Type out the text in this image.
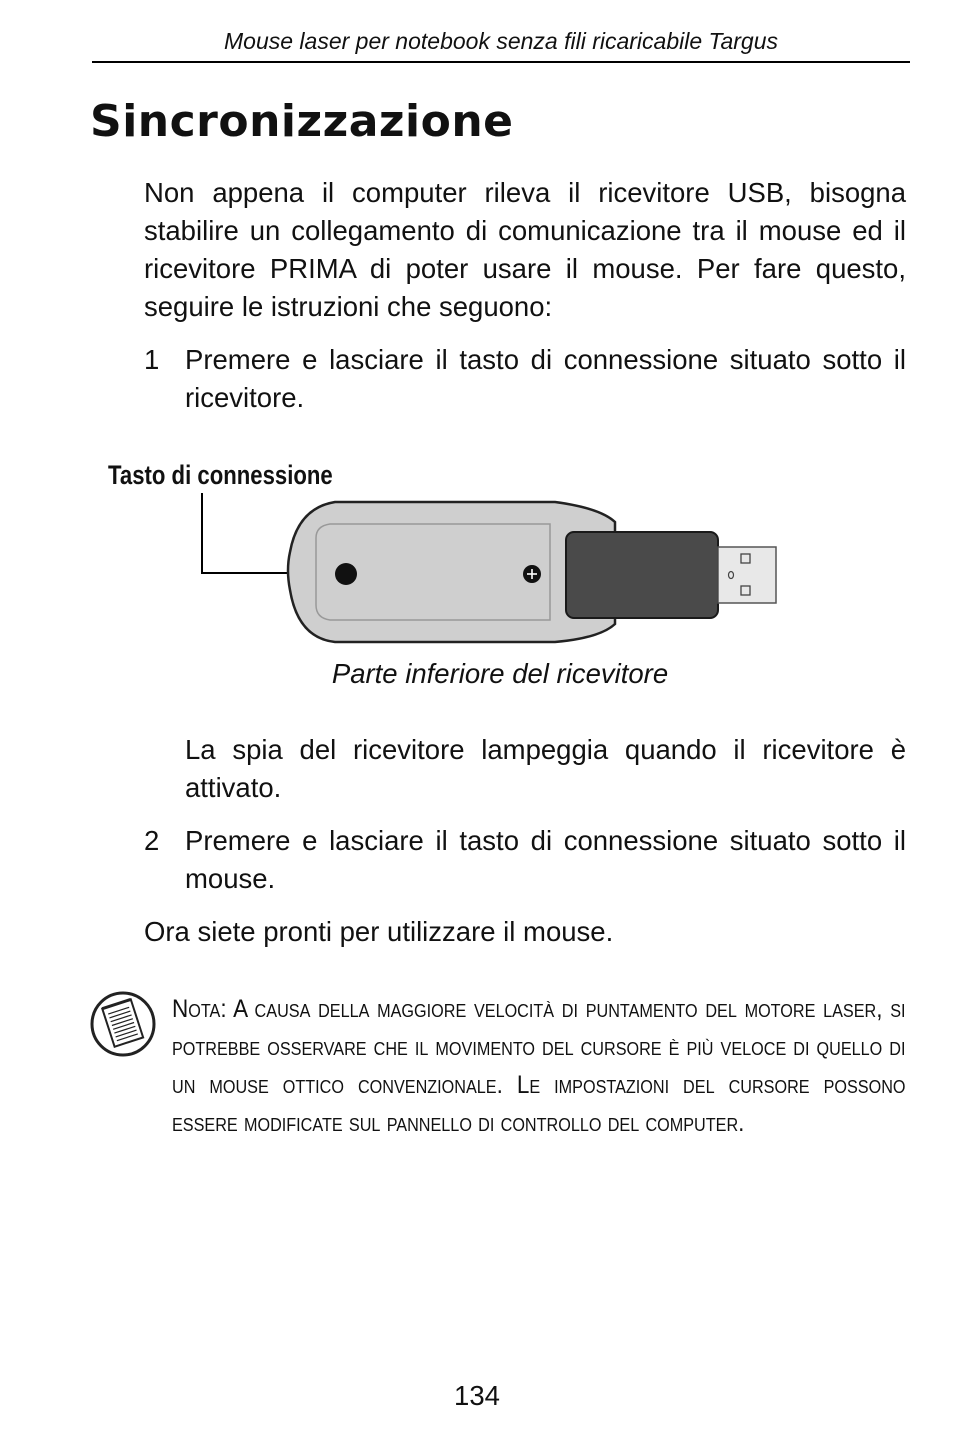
Mouse laser per notebook senza fili ricaricabile Targus
Sincronizzazione

Non appena il computer rileva il ricevitore USB, bisogna stabilire un collegamento di comunicazione tra il mouse ed il ricevitore PRIMA di poter usare il mouse. Per fare questo, seguire le istruzioni che seguono:

1 Premere e lasciare il tasto di connessione situato sotto il ricevitore.

Tasto di connessione
Parte inferiore del ricevitore

La spia del ricevitore lampeggia quando il ricevitore è attivato.

2 Premere e lasciare il tasto di connessione situato sotto il mouse.

Ora siete pronti per utilizzare il mouse.

Nota: A causa della maggiore velocità di puntamento del motore laser, si potrebbe osservare che il movimento del cursore è più veloce di quello di un mouse ottico convenzionale. Le impostazioni del cursore possono essere modificate sul pannello di controllo del computer.

134
